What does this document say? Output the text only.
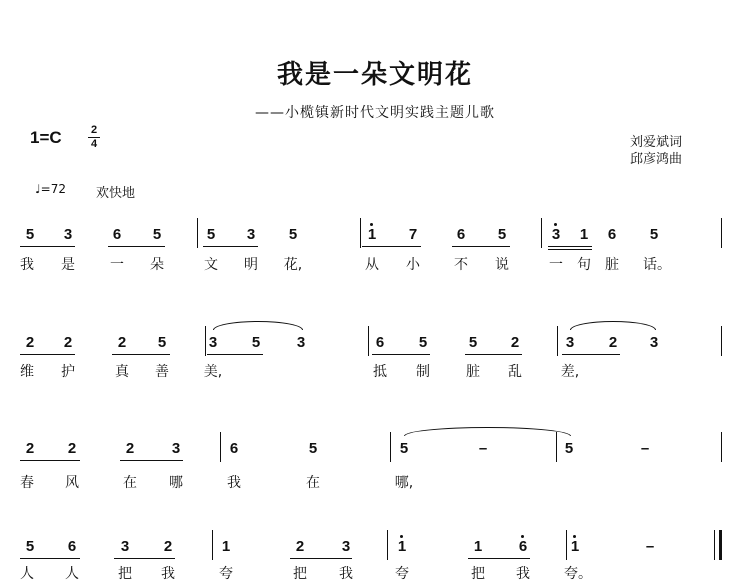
我是一朵文明花
——小榄镇新时代文明实践主题儿歌
$1=C \frac{2}{4}$	刘爱斌词
邱彦鸿曲
♩=72 欢快地
5	3	6	5	5	3	5	1	7	6	5	3	1	6	5
我 是	一 朵	文 明 花,	从 小 不 说	一 句 脏 话。
2	2	2	5	3	5	3	6	5	5	2	3	2	3
维 护	真 善 美,	抵 制	脏 乱	差,
2	2	2	3	6	5	5	–	5	–
春 风	在 哪	我	在	哪,
5	6	3	2	1	2	3	1	1	6	1	–
人 人	把 我	夸	把 我	夸	把 我 夸。
